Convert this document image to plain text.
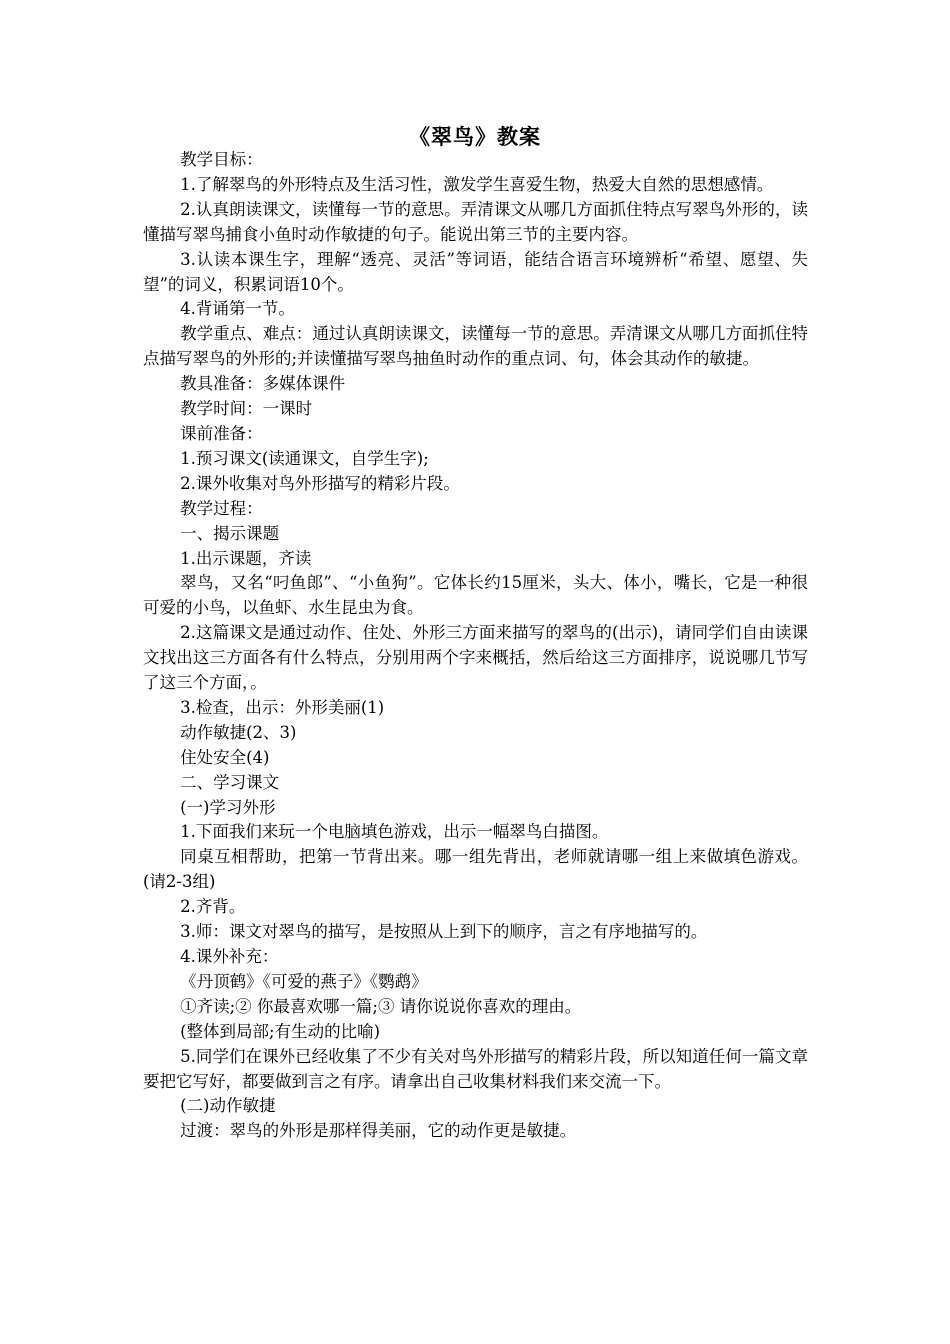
《翠鸟》教案

教学目标：

1.了解翠鸟的外形特点及生活习性，激发学生喜爱生物，热爱大自然的思想感情。

2.认真朗读课文，读懂每一节的意思。弄清课文从哪几方面抓住特点写翠鸟外形的，读懂描写翠鸟捕食小鱼时动作敏捷的句子。能说出第三节的主要内容。

3.认读本课生字，理解“透亮、灵活”等词语，能结合语言环境辨析“希望、愿望、失望”的词义，积累词语10个。

4.背诵第一节。

教学重点、难点：通过认真朗读课文，读懂每一节的意思。弄清课文从哪几方面抓住特点描写翠鸟的外形的;并读懂描写翠鸟抽鱼时动作的重点词、句，体会其动作的敏捷。

教具准备：多媒体课件

教学时间：一课时

课前准备：

1.预习课文(读通课文，自学生字);

2.课外收集对鸟外形描写的精彩片段。

教学过程：

一、揭示课题

1.出示课题，齐读

翠鸟，又名“叼鱼郎”、“小鱼狗”。它体长约15厘米，头大、体小，嘴长，它是一种很可爱的小鸟，以鱼虾、水生昆虫为食。

2.这篇课文是通过动作、住处、外形三方面来描写的翠鸟的(出示)，请同学们自由读课文找出这三方面各有什么特点，分别用两个字来概括，然后给这三方面排序，说说哪几节写了这三个方面，。

3.检查，出示：外形美丽(1)

动作敏捷(2、3)

住处安全(4)

二、学习课文

(一)学习外形

1.下面我们来玩一个电脑填色游戏，出示一幅翠鸟白描图。

同桌互相帮助，把第一节背出来。哪一组先背出，老师就请哪一组上来做填色游戏。(请2-3组)

2.齐背。

3.师：课文对翠鸟的描写，是按照从上到下的顺序，言之有序地描写的。

4.课外补充：

《丹顶鹤》《可爱的燕子》《鹦鹉》

①齐读;② 你最喜欢哪一篇;③ 请你说说你喜欢的理由。

(整体到局部;有生动的比喻)

5.同学们在课外已经收集了不少有关对鸟外形描写的精彩片段，所以知道任何一篇文章要把它写好，都要做到言之有序。请拿出自己收集材料我们来交流一下。

(二)动作敏捷

过渡：翠鸟的外形是那样得美丽，它的动作更是敏捷。
